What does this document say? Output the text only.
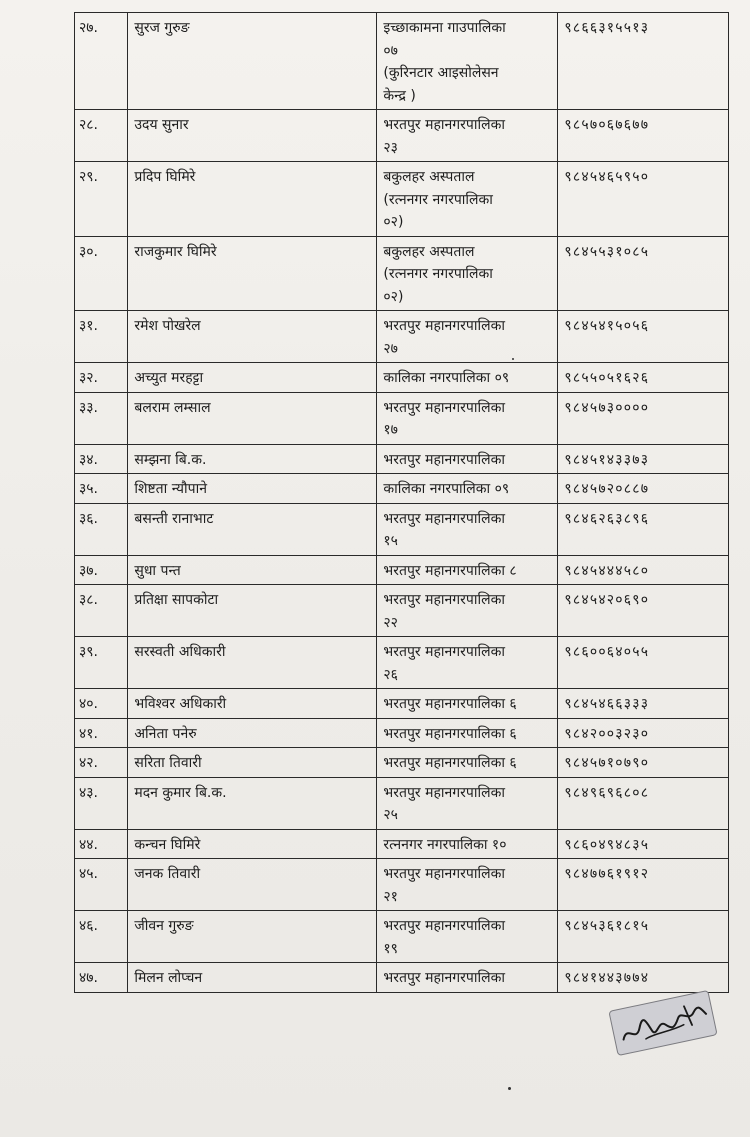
२७.	सुरज गुरुङ	इच्छाकामना गाउपालिका
०७
(कुरिनटार आइसोलेसन
केन्द्र )	९८६६३१५५१३
२८.	उदय सुनार	भरतपुर महानगरपालिका
२३	९८५७०६७६७७
२९.	प्रदिप घिमिरे	बकुलहर अस्पताल
(रत्ननगर नगरपालिका
०२)	९८४५४६५९५०
३०.	राजकुमार घिमिरे	बकुलहर अस्पताल
(रत्ननगर नगरपालिका
०२)	९८४५५३१०८५
३१.	रमेश पोखरेल	भरतपुर महानगरपालिका
२७	९८४५४१५०५६
३२.	अच्युत मरहट्टा	कालिका नगरपालिका ०९	९८५५०५१६२६
३३.	बलराम लम्साल	भरतपुर महानगरपालिका
१७	९८४५७३००००
३४.	सम्झना बि.क.	भरतपुर महानगरपालिका	९८४५१४३३७३
३५.	शिष्टता न्यौपाने	कालिका नगरपालिका ०९	९८४५७२०८८७
३६.	बसन्ती रानाभाट	भरतपुर महानगरपालिका
१५	९८४६२६३८९६
३७.	सुधा पन्त	भरतपुर महानगरपालिका ८	९८४५४४४५८०
३८.	प्रतिक्षा सापकोटा	भरतपुर महानगरपालिका
२२	९८४५४२०६९०
३९.	सरस्वती अधिकारी	भरतपुर महानगरपालिका
२६	९८६००६४०५५
४०.	भविश्वर अधिकारी	भरतपुर महानगरपालिका ६	९८४५४६६३३३
४१.	अनिता पनेरु	भरतपुर महानगरपालिका ६	९८४२००३२३०
४२.	सरिता तिवारी	भरतपुर महानगरपालिका ६	९८४५७१०७९०
४३.	मदन कुमार बि.क.	भरतपुर महानगरपालिका
२५	९८४९६९६८०८
४४.	कन्चन घिमिरे	रत्ननगर नगरपालिका १०	९८६०४९४८३५
४५.	जनक तिवारी	भरतपुर महानगरपालिका
२१	९८४७७६१९१२
४६.	जीवन गुरुङ	भरतपुर महानगरपालिका
१९	९८४५३६१८१५
४७.	मिलन लोप्चन	भरतपुर महानगरपालिका	९८४१४४३७७४
